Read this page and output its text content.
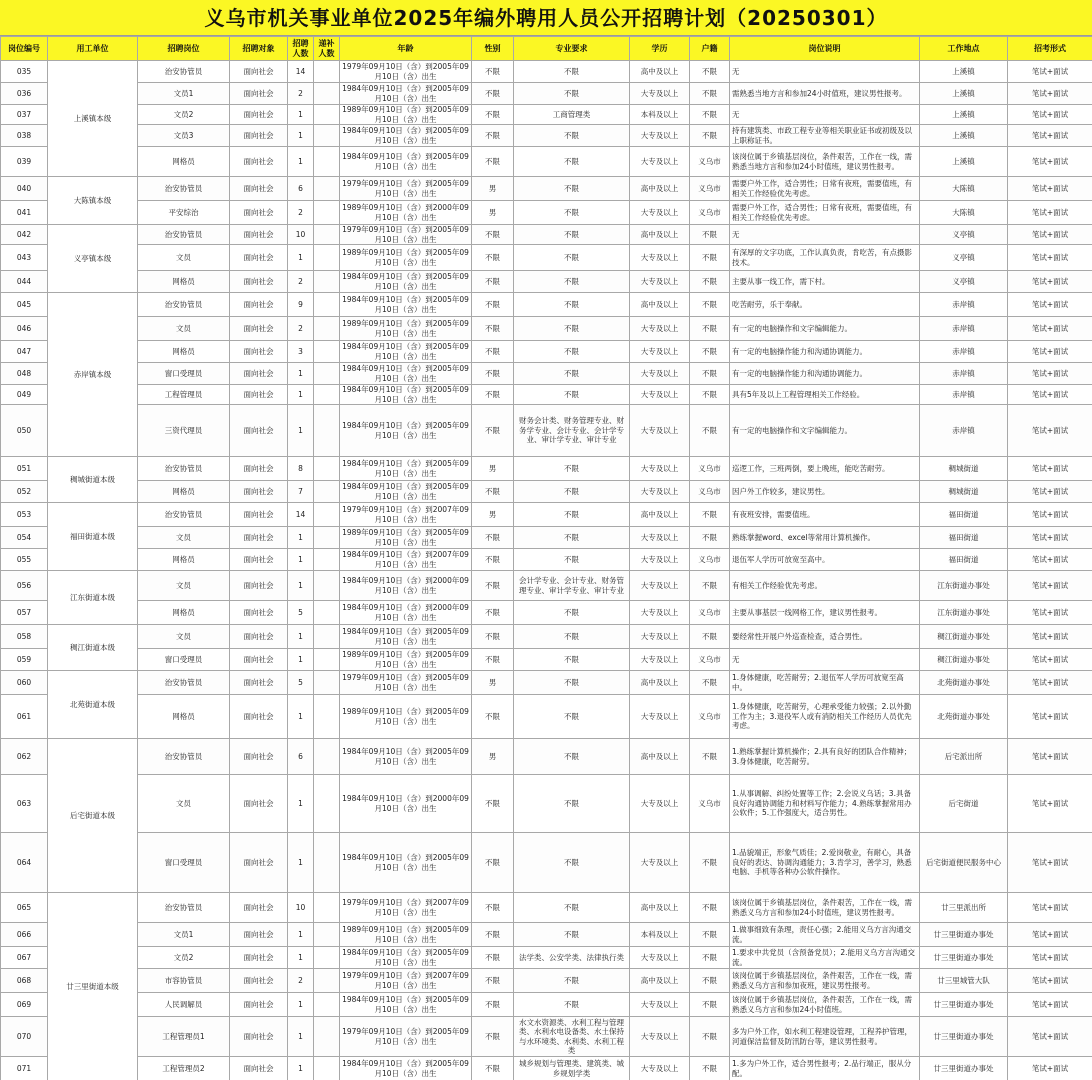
义乌市机关事业单位2025年编外聘用人员公开招聘计划（20250301）
岗位编号	用工单位	招聘岗位	招聘对象	招聘人数	递补人数	年龄	性别	专业要求	学历	户籍	岗位说明	工作地点	招考形式
035	上溪镇本级	治安协管员	面向社会	14		1979年09月10日（含）到2005年09月10日（含）出生	不限	不限	高中及以上	不限	无	上溪镇	笔试+面试
036		文员1	面向社会	2		1984年09月10日（含）到2005年09月10日（含）出生	不限	不限	大专及以上	不限	需熟悉当地方言和参加24小时值班，建议男性报考。	上溪镇	笔试+面试
037		文员2	面向社会	1		1989年09月10日（含）到2005年09月10日（含）出生	不限	工商管理类	本科及以上	不限	无	上溪镇	笔试+面试
038		文员3	面向社会	1		1984年09月10日（含）到2005年09月10日（含）出生	不限	不限	大专及以上	不限	持有建筑类、市政工程专业等相关职业证书或初级及以上职称证书。	上溪镇	笔试+面试
039		网格员	面向社会	1		1984年09月10日（含）到2005年09月10日（含）出生	不限	不限	大专及以上	义乌市	该岗位属于乡镇基层岗位，条件艰苦，工作在一线，需熟悉当地方言和参加24小时值班，建议男性报考。	上溪镇	笔试+面试
040	大陈镇本级	治安协管员	面向社会	6		1979年09月10日（含）到2005年09月10日（含）出生	男	不限	高中及以上	义乌市	需要户外工作，适合男性；日常有夜班，需要值班，有相关工作经验优先考虑。	大陈镇	笔试+面试
041		平安综治	面向社会	2		1989年09月10日（含）到2000年09月10日（含）出生	男	不限	大专及以上	义乌市	需要户外工作，适合男性；日常有夜班，需要值班，有相关工作经验优先考虑。	大陈镇	笔试+面试
042	义亭镇本级	治安协管员	面向社会	10		1979年09月10日（含）到2005年09月10日（含）出生	不限	不限	高中及以上	不限	无	义亭镇	笔试+面试
043		文员	面向社会	1		1989年09月10日（含）到2005年09月10日（含）出生	不限	不限	大专及以上	不限	有深厚的文字功底，工作认真负责，肯吃苦，有点摄影技术。	义亭镇	笔试+面试
044		网格员	面向社会	2		1984年09月10日（含）到2005年09月10日（含）出生	不限	不限	大专及以上	不限	主要从事一线工作，需下村。	义亭镇	笔试+面试
045	赤岸镇本级	治安协管员	面向社会	9		1984年09月10日（含）到2005年09月10日（含）出生	不限	不限	高中及以上	不限	吃苦耐劳，乐于奉献。	赤岸镇	笔试+面试
046		文员	面向社会	2		1989年09月10日（含）到2005年09月10日（含）出生	不限	不限	大专及以上	不限	有一定的电脑操作和文字编辑能力。	赤岸镇	笔试+面试
047		网格员	面向社会	3		1984年09月10日（含）到2005年09月10日（含）出生	不限	不限	大专及以上	不限	有一定的电脑操作能力和沟通协调能力。	赤岸镇	笔试+面试
048		窗口受理员	面向社会	1		1984年09月10日（含）到2005年09月10日（含）出生	不限	不限	大专及以上	不限	有一定的电脑操作能力和沟通协调能力。	赤岸镇	笔试+面试
049		工程管理员	面向社会	1		1984年09月10日（含）到2005年09月10日（含）出生	不限	不限	大专及以上	不限	具有5年及以上工程管理相关工作经验。	赤岸镇	笔试+面试
050		三资代理员	面向社会	1		1984年09月10日（含）到2005年09月10日（含）出生	不限	财务会计类、财务管理专业、财务学专业、会计专业、会计学专业、审计学专业、审计专业	大专及以上	不限	有一定的电脑操作和文字编辑能力。	赤岸镇	笔试+面试
051	稠城街道本级	治安协管员	面向社会	8		1984年09月10日（含）到2005年09月10日（含）出生	男	不限	大专及以上	义乌市	巡逻工作，三班两倒，要上晚班，能吃苦耐劳。	稠城街道	笔试+面试
052		网格员	面向社会	7		1984年09月10日（含）到2005年09月10日（含）出生	不限	不限	大专及以上	义乌市	因户外工作较多，建议男性。	稠城街道	笔试+面试
053	福田街道本级	治安协管员	面向社会	14		1979年09月10日（含）到2007年09月10日（含）出生	男	不限	高中及以上	不限	有夜班安排，需要值班。	福田街道	笔试+面试
054		文员	面向社会	1		1989年09月10日（含）到2005年09月10日（含）出生	不限	不限	大专及以上	不限	熟练掌握word、excel等常用计算机操作。	福田街道	笔试+面试
055		网格员	面向社会	1		1984年09月10日（含）到2007年09月10日（含）出生	不限	不限	大专及以上	义乌市	退伍军人学历可放宽至高中。	福田街道	笔试+面试
056	江东街道本级	文员	面向社会	1		1984年09月10日（含）到2000年09月10日（含）出生	不限	会计学专业、会计专业、财务管理专业、审计学专业、审计专业	大专及以上	不限	有相关工作经验优先考虑。	江东街道办事处	笔试+面试
057		网格员	面向社会	5		1984年09月10日（含）到2000年09月10日（含）出生	不限	不限	大专及以上	义乌市	主要从事基层一线网格工作，建议男性报考。	江东街道办事处	笔试+面试
058	稠江街道本级	文员	面向社会	1		1984年09月10日（含）到2005年09月10日（含）出生	不限	不限	大专及以上	不限	要经常性开展户外巡查检查，适合男性。	稠江街道办事处	笔试+面试
059		窗口受理员	面向社会	1		1989年09月10日（含）到2005年09月10日（含）出生	不限	不限	大专及以上	义乌市	无	稠江街道办事处	笔试+面试
060	北苑街道本级	治安协管员	面向社会	5		1979年09月10日（含）到2005年09月10日（含）出生	男	不限	高中及以上	不限	1.身体健康，吃苦耐劳；2.退伍军人学历可放宽至高中。	北苑街道办事处	笔试+面试
061		网格员	面向社会	1		1989年09月10日（含）到2005年09月10日（含）出生	不限	不限	大专及以上	义乌市	1.身体健康，吃苦耐劳，心理承受能力较强；2.以外勤工作为主；3.退役军人或有消防相关工作经历人员优先考虑。	北苑街道办事处	笔试+面试
062	后宅街道本级	治安协管员	面向社会	6		1984年09月10日（含）到2005年09月10日（含）出生	男	不限	高中及以上	不限	1.熟练掌握计算机操作；2.具有良好的团队合作精神；3.身体健康，吃苦耐劳。	后宅派出所	笔试+面试
063		文员	面向社会	1		1984年09月10日（含）到2000年09月10日（含）出生	不限	不限	大专及以上	义乌市	1.从事调解、纠纷处置等工作；2.会说义乌话；3.具备良好沟通协调能力和材料写作能力；4.熟练掌握常用办公软件；5.工作强度大，适合男性。	后宅街道	笔试+面试
064		窗口受理员	面向社会	1		1984年09月10日（含）到2005年09月10日（含）出生	不限	不限	大专及以上	不限	1.品貌端正，形象气质佳；2.爱岗敬业，有耐心，具备良好的表达、协调沟通能力；3.肯学习，善学习，熟悉电脑、手机等各种办公软件操作。	后宅街道便民服务中心	笔试+面试
065	廿三里街道本级	治安协管员	面向社会	10		1979年09月10日（含）到2007年09月10日（含）出生	不限	不限	高中及以上	不限	该岗位属于乡镇基层岗位，条件艰苦，工作在一线，需熟悉义乌方言和参加24小时值班，建议男性报考。	廿三里派出所	笔试+面试
066		文员1	面向社会	1		1989年09月10日（含）到2005年09月10日（含）出生	不限	不限	本科及以上	不限	1.做事细致有条理，责任心强；2.能用义乌方言沟通交流。	廿三里街道办事处	笔试+面试
067		文员2	面向社会	1		1984年09月10日（含）到2005年09月10日（含）出生	不限	法学类、公安学类、法律执行类	大专及以上	不限	1.要求中共党员（含预备党员）；2.能用义乌方言沟通交流。	廿三里街道办事处	笔试+面试
068		市容协管员	面向社会	2		1979年09月10日（含）到2007年09月10日（含）出生	不限	不限	高中及以上	不限	该岗位属于乡镇基层岗位，条件艰苦，工作在一线，需熟悉义乌方言和参加夜班，建议男性报考。	廿三里城管大队	笔试+面试
069		人民调解员	面向社会	1		1984年09月10日（含）到2005年09月10日（含）出生	不限	不限	大专及以上	不限	该岗位属于乡镇基层岗位，条件艰苦，工作在一线，需熟悉义乌方言和参加24小时值班。	廿三里街道办事处	笔试+面试
070		工程管理员1	面向社会	1		1979年09月10日（含）到2005年09月10日（含）出生	不限	水文水资源类、水利工程与管理类、水利水电设备类、水土保持与水环境类、水利类、水利工程类	大专及以上	不限	多为户外工作，如水利工程建设管理，工程养护管理，河道保洁监督及防汛防台等，建议男性报考。	廿三里街道办事处	笔试+面试
071		工程管理员2	面向社会	1		1984年09月10日（含）到2005年09月10日（含）出生	不限	城乡规划与管理类、建筑类、城乡规划学类	大专及以上	不限	1.多为户外工作，适合男性报考；2.品行端正，服从分配。	廿三里街道办事处	笔试+面试
